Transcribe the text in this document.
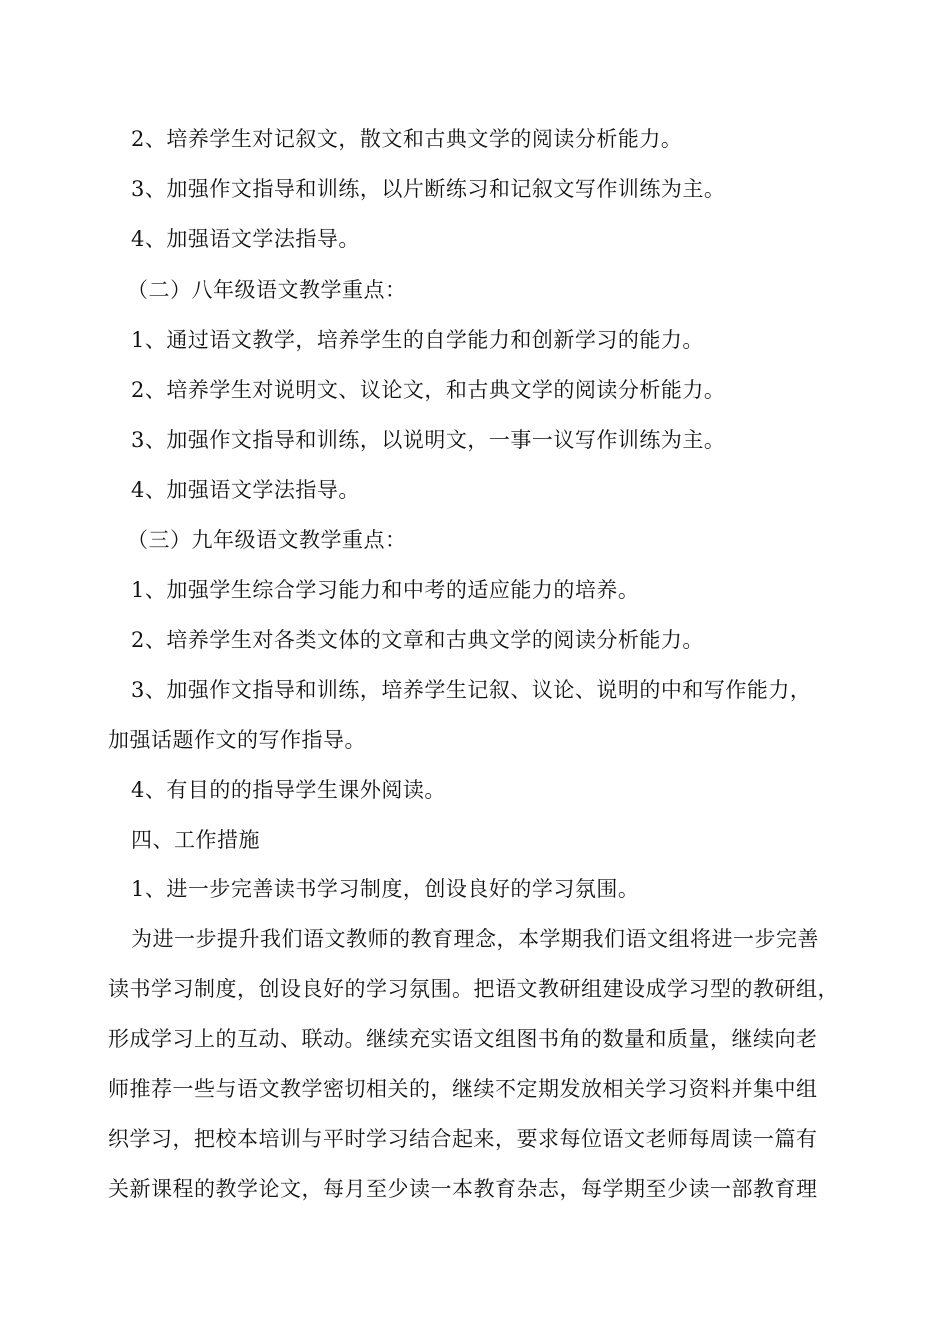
2、培养学生对记叙文，散文和古典文学的阅读分析能力。
3、加强作文指导和训练，以片断练习和记叙文写作训练为主。
4、加强语文学法指导。
（二）八年级语文教学重点：
1、通过语文教学，培养学生的自学能力和创新学习的能力。
2、培养学生对说明文、议论文，和古典文学的阅读分析能力。
3、加强作文指导和训练，以说明文，一事一议写作训练为主。
4、加强语文学法指导。
（三）九年级语文教学重点：
1、加强学生综合学习能力和中考的适应能力的培养。
2、培养学生对各类文体的文章和古典文学的阅读分析能力。
3、加强作文指导和训练，培养学生记叙、议论、说明的中和写作能力，
加强话题作文的写作指导。
4、有目的的指导学生课外阅读。
四、工作措施
1、进一步完善读书学习制度，创设良好的学习氛围。
为进一步提升我们语文教师的教育理念，本学期我们语文组将进一步完善
读书学习制度，创设良好的学习氛围。把语文教研组建设成学习型的教研组，
形成学习上的互动、联动。继续充实语文组图书角的数量和质量，继续向老
师推荐一些与语文教学密切相关的，继续不定期发放相关学习资料并集中组
织学习，把校本培训与平时学习结合起来，要求每位语文老师每周读一篇有
关新课程的教学论文，每月至少读一本教育杂志，每学期至少读一部教育理
